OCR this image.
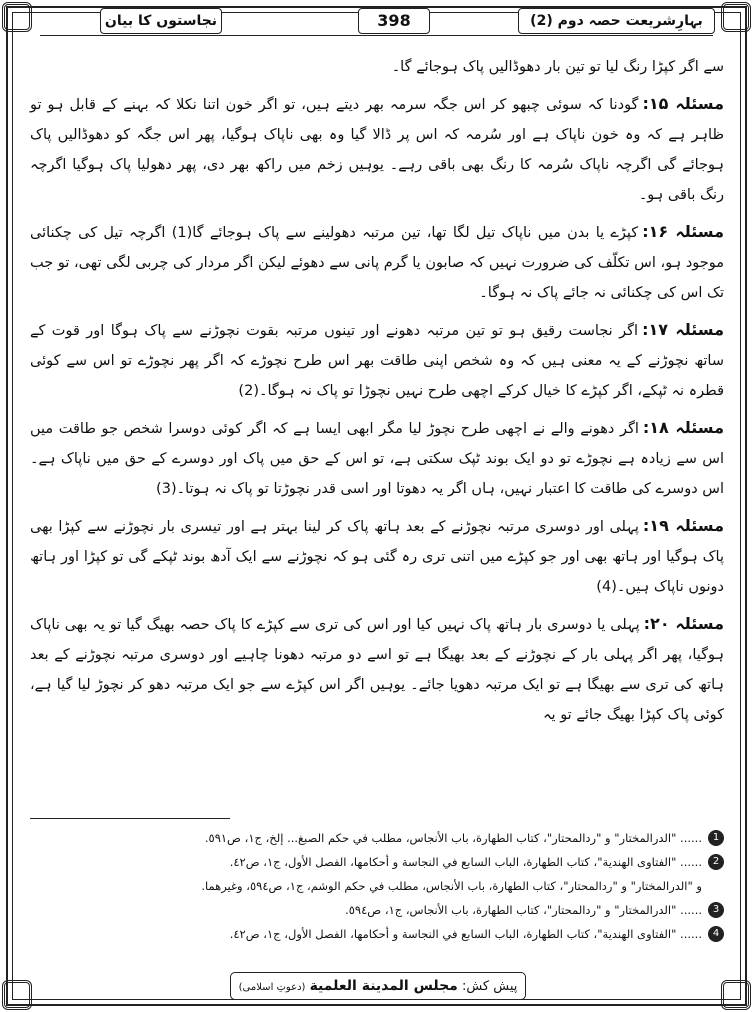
نجاستوں کا بیان	398	بہارِشریعت حصہ دوم (2)
سے اگر کپڑا رنگ لیا تو تین بار دھوڈالیں پاک ہوجائے گا۔
مسئلہ ۱۵:گودنا کہ سوئی چبھو کر اس جگہ سرمہ بھر دیتے ہیں، تو اگر خون اتنا نکلا کہ بہنے کے قابل ہو تو ظاہر ہے کہ وہ خون ناپاک ہے اور سُرمہ کہ اس پر ڈالا گیا وہ بھی ناپاک ہوگیا، پھر اس جگہ کو دھوڈالیں پاک ہوجائے گی اگرچہ ناپاک سُرمہ کا رنگ بھی باقی رہے۔ یوہیں زخم میں راکھ بھر دی، پھر دھولیا پاک ہوگیا اگرچہ رنگ باقی ہو۔
مسئلہ ۱۶:کپڑے یا بدن میں ناپاک تیل لگا تھا، تین مرتبہ دھولینے سے پاک ہوجائے گا(1) اگرچہ تیل کی چکنائی موجود ہو، اس تکلّف کی ضرورت نہیں کہ صابون یا گرم پانی سے دھوئے لیکن اگر مردار کی چربی لگی تھی، تو جب تک اس کی چکنائی نہ جائے پاک نہ ہوگا۔
مسئلہ ۱۷:اگر نجاست رقیق ہو تو تین مرتبہ دھونے اور تینوں مرتبہ بقوت نچوڑنے سے پاک ہوگا اور قوت کے ساتھ نچوڑنے کے یہ معنی ہیں کہ وہ شخص اپنی طاقت بھر اس طرح نچوڑے کہ اگر پھر نچوڑے تو اس سے کوئی قطرہ نہ ٹپکے، اگر کپڑے کا خیال کرکے اچھی طرح نہیں نچوڑا تو پاک نہ ہوگا۔(2)
مسئلہ ۱۸:اگر دھونے والے نے اچھی طرح نچوڑ لیا مگر ابھی ایسا ہے کہ اگر کوئی دوسرا شخص جو طاقت میں اس سے زیادہ ہے نچوڑے تو دو ایک بوند ٹپک سکتی ہے، تو اس کے حق میں پاک اور دوسرے کے حق میں ناپاک ہے۔ اس دوسرے کی طاقت کا اعتبار نہیں، ہاں اگر یہ دھوتا اور اسی قدر نچوڑتا تو پاک نہ ہوتا۔(3)
مسئلہ ۱۹:پہلی اور دوسری مرتبہ نچوڑنے کے بعد ہاتھ پاک کر لینا بہتر ہے اور تیسری بار نچوڑنے سے کپڑا بھی پاک ہوگیا اور ہاتھ بھی اور جو کپڑے میں اتنی تری رہ گئی ہو کہ نچوڑنے سے ایک آدھ بوند ٹپکے گی تو کپڑا اور ہاتھ دونوں ناپاک ہیں۔(4)
مسئلہ ۲۰:پہلی یا دوسری بار ہاتھ پاک نہیں کیا اور اس کی تری سے کپڑے کا پاک حصہ بھیگ گیا تو یہ بھی ناپاک ہوگیا، پھر اگر پہلی بار کے نچوڑنے کے بعد بھیگا ہے تو اسے دو مرتبہ دھونا چاہیے اور دوسری مرتبہ نچوڑنے کے بعد ہاتھ کی تری سے بھیگا ہے تو ایک مرتبہ دھویا جائے۔ یوہیں اگر اس کپڑے سے جو ایک مرتبہ دھو کر نچوڑ لیا گیا ہے، کوئی پاک کپڑا بھیگ جائے تو یہ
1
...... "الدرالمختار" و "ردالمحتار"، كتاب الطهارة، باب الأنجاس، مطلب في حكم الصبغ... إلخ، ج١، ص٥٩١.
2
...... "الفتاوى الهندية"، كتاب الطهارة، الباب السابع في النجاسة و أحكامها، الفصل الأول، ج١، ص٤٢.
و "الدرالمختار" و "ردالمحتار"، كتاب الطهارة، باب الأنجاس، مطلب في حكم الوشم، ج١، ص٥٩٤، وغيرهما.
3
...... "الدرالمختار" و "ردالمحتار"، كتاب الطهارة، باب الأنجاس، ج١، ص٥٩٤.
4
...... "الفتاوى الهندية"، كتاب الطهارة، الباب السابع في النجاسة و أحكامها، الفصل الأول، ج١، ص٤٢.
پیش کش: مجلس المدينة العلمية (دعوتِ اسلامی)
